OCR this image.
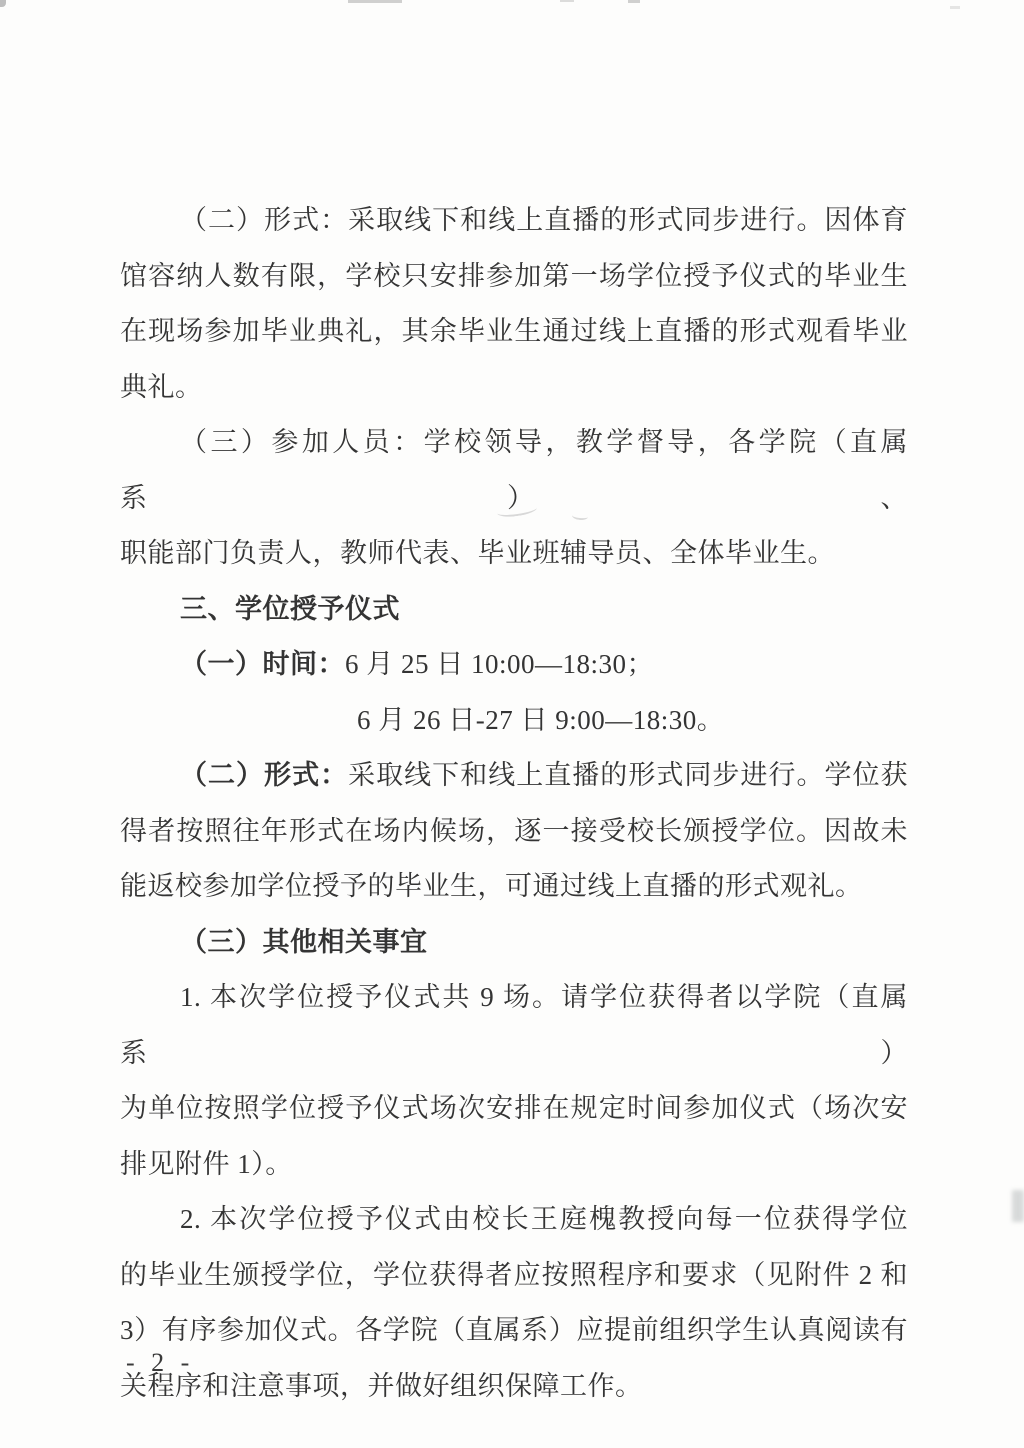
（二）形式：采取线下和线上直播的形式同步进行。因体育
馆容纳人数有限，学校只安排参加第一场学位授予仪式的毕业生
在现场参加毕业典礼，其余毕业生通过线上直播的形式观看毕业
典礼。
（三）参加人员：学校领导，教学督导，各学院（直属系）、
职能部门负责人，教师代表、毕业班辅导员、全体毕业生。
三、学位授予仪式
（一）时间：6 月 25 日 10:00—18:30；
6 月 26 日-27 日 9:00—18:30。
（二）形式：采取线下和线上直播的形式同步进行。学位获
得者按照往年形式在场内候场，逐一接受校长颁授学位。因故未
能返校参加学位授予的毕业生，可通过线上直播的形式观礼。
（三）其他相关事宜
1. 本次学位授予仪式共 9 场。请学位获得者以学院（直属系）
为单位按照学位授予仪式场次安排在规定时间参加仪式（场次安
排见附件 1）。
2. 本次学位授予仪式由校长王庭槐教授向每一位获得学位
的毕业生颁授学位，学位获得者应按照程序和要求（见附件 2 和
3）有序参加仪式。各学院（直属系）应提前组织学生认真阅读有
关程序和注意事项，并做好组织保障工作。
- 2 -
